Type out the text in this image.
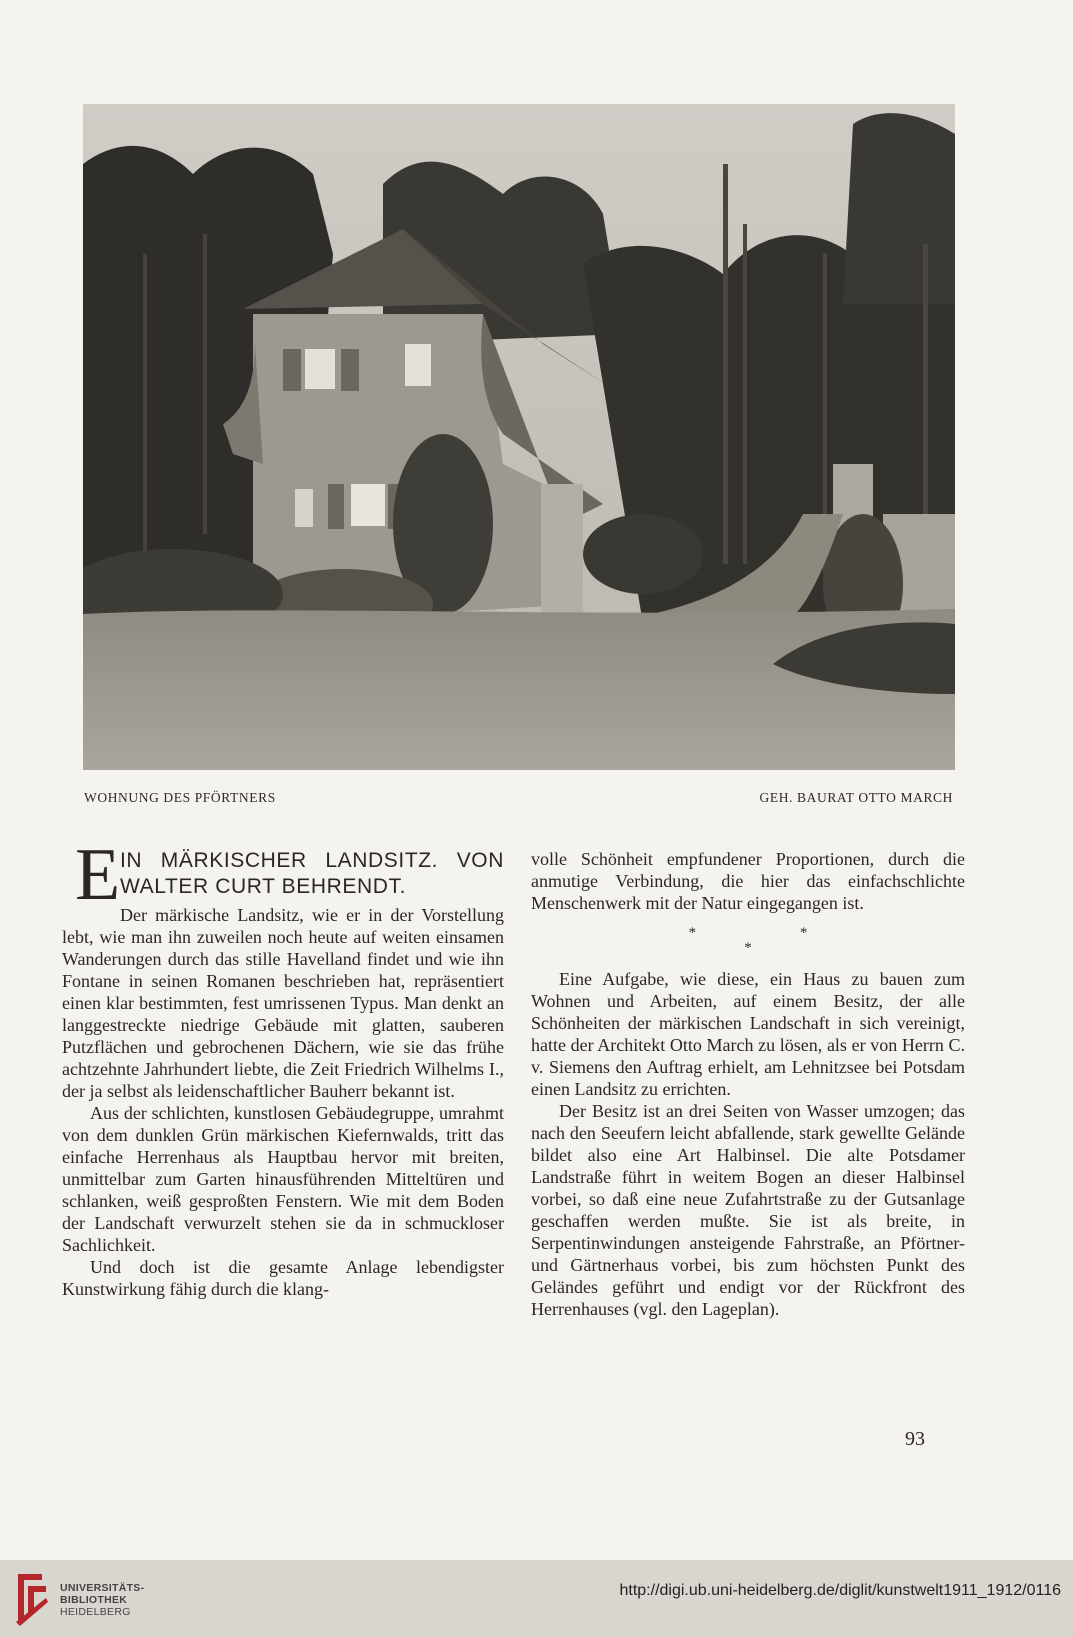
WOHNUNG DES PFÖRTNERS	GEH. BAURAT OTTO MARCH
E IN MÄRKISCHER LANDSITZ. VON
WALTER CURT BEHRENDT.

Der märkische Landsitz, wie er in der Vorstellung lebt, wie man ihn zuweilen noch heute auf weiten einsamen Wanderungen durch das stille Havelland findet und wie ihn Fontane in seinen Romanen beschrieben hat, repräsentiert einen klar bestimmten, fest umrissenen Typus. Man denkt an langgestreckte niedrige Gebäude mit glatten, sauberen Putzflächen und gebrochenen Dächern, wie sie das frühe achtzehnte Jahrhundert liebte, die Zeit Friedrich Wilhelms I., der ja selbst als leidenschaftlicher Bauherr bekannt ist.

Aus der schlichten, kunstlosen Gebäudegruppe, umrahmt von dem dunklen Grün märkischen Kiefernwalds, tritt das einfache Herrenhaus als Hauptbau hervor mit breiten, unmittelbar zum Garten hinausführenden Mitteltüren und schlanken, weiß gesproßten Fenstern. Wie mit dem Boden der Landschaft verwurzelt stehen sie da in schmuckloser Sachlichkeit.

Und doch ist die gesamte Anlage lebendigster Kunstwirkung fähig durch die klang-

volle Schönheit empfundener Proportionen, durch die anmutige Verbindung, die hier das einfachschlichte Menschenwerk mit der Natur eingegangen ist.

* *
*

Eine Aufgabe, wie diese, ein Haus zu bauen zum Wohnen und Arbeiten, auf einem Besitz, der alle Schönheiten der märkischen Landschaft in sich vereinigt, hatte der Architekt Otto March zu lösen, als er von Herrn C. v. Siemens den Auftrag erhielt, am Lehnitzsee bei Potsdam einen Landsitz zu errichten.

Der Besitz ist an drei Seiten von Wasser umzogen; das nach den Seeufern leicht abfallende, stark gewellte Gelände bildet also eine Art Halbinsel. Die alte Potsdamer Landstraße führt in weitem Bogen an dieser Halbinsel vorbei, so daß eine neue Zufahrtstraße zu der Gutsanlage geschaffen werden mußte. Sie ist als breite, in Serpentinwindungen ansteigende Fahrstraße, an Pförtner- und Gärtnerhaus vorbei, bis zum höchsten Punkt des Geländes geführt und endigt vor der Rückfront des Herrenhauses (vgl. den Lageplan).

93
UNIVERSITÄTS-
BIBLIOTHEK
HEIDELBERG
http://digi.ub.uni-heidelberg.de/diglit/kunstwelt1911_1912/0116
